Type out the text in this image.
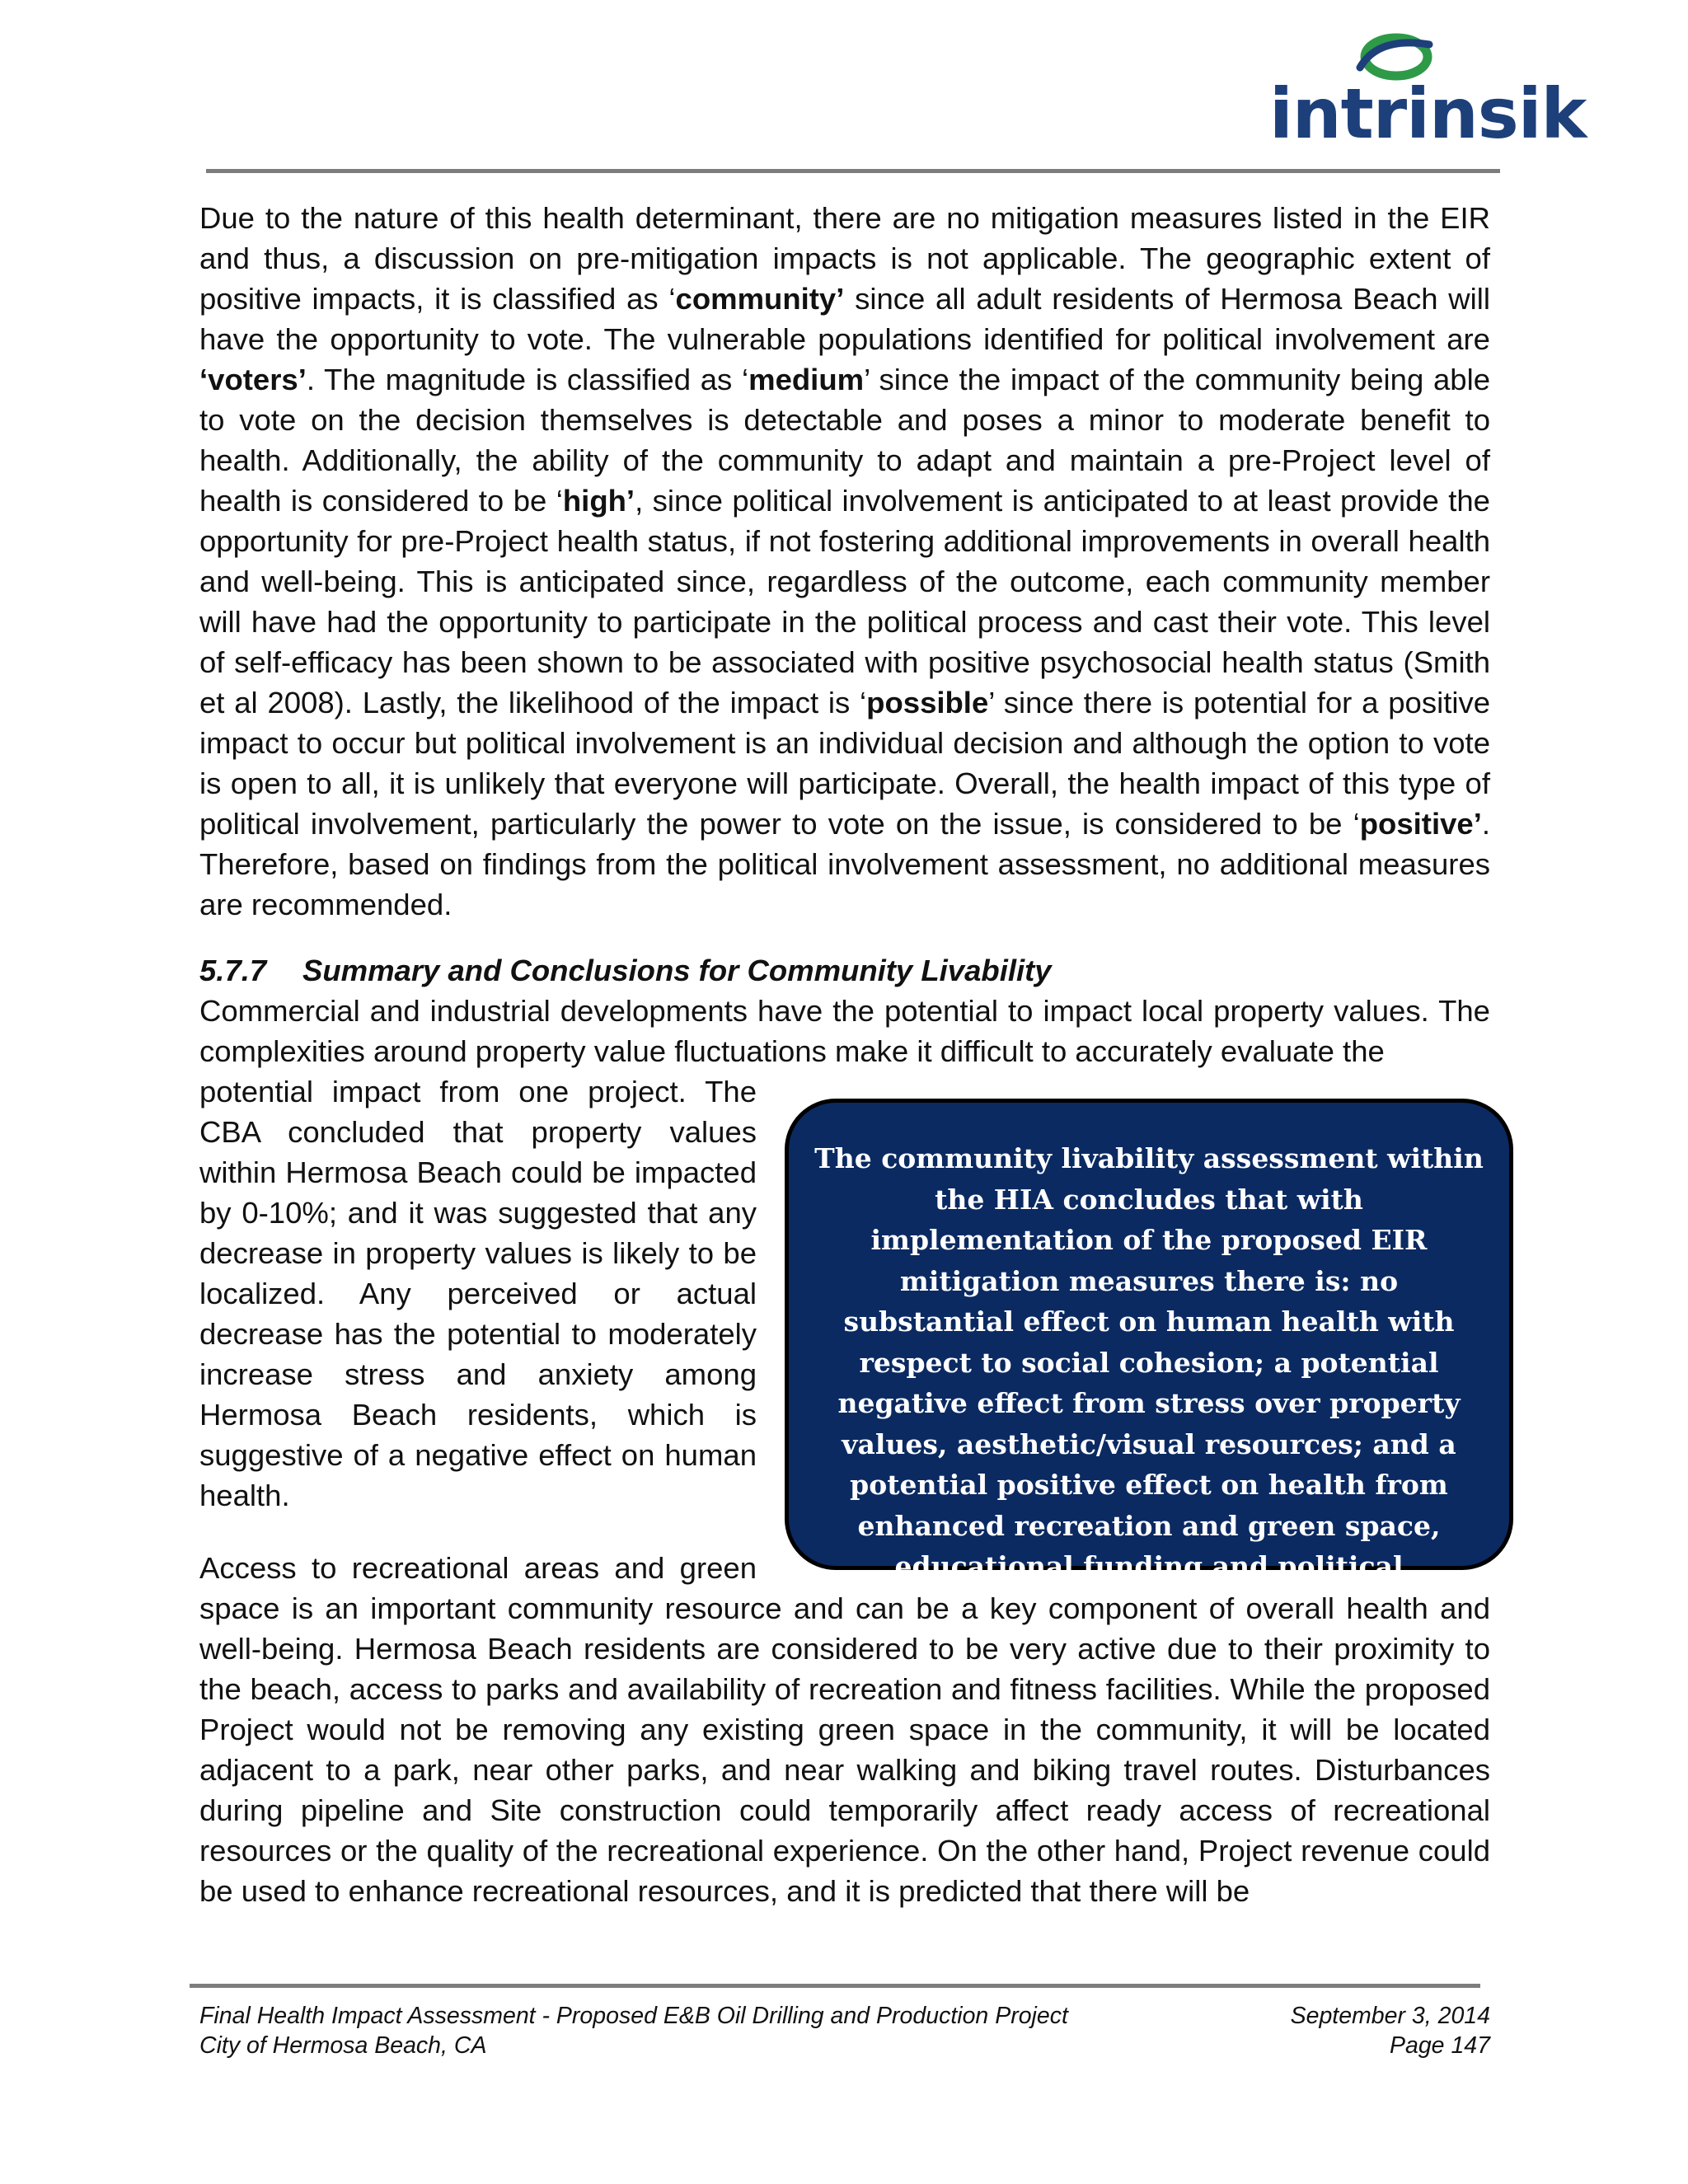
intrinsik

Due to the nature of this health determinant, there are no mitigation measures listed in the EIR and thus, a discussion on pre-mitigation impacts is not applicable. The geographic extent of positive impacts, it is classified as ‘community’ since all adult residents of Hermosa Beach will have the opportunity to vote. The vulnerable populations identified for political involvement are ‘voters’. The magnitude is classified as ‘medium’ since the impact of the community being able to vote on the decision themselves is detectable and poses a minor to moderate benefit to health. Additionally, the ability of the community to adapt and maintain a pre-Project level of health is considered to be ‘high’, since political involvement is anticipated to at least provide the opportunity for pre-Project health status, if not fostering additional improvements in overall health and well-being. This is anticipated since, regardless of the outcome, each community member will have had the opportunity to participate in the political process and cast their vote. This level of self-efficacy has been shown to be associated with positive psychosocial health status (Smith et al 2008). Lastly, the likelihood of the impact is ‘possible’ since there is potential for a positive impact to occur but political involvement is an individual decision and although the option to vote is open to all, it is unlikely that everyone will participate. Overall, the health impact of this type of political involvement, particularly the power to vote on the issue, is considered to be ‘positive’. Therefore, based on findings from the political involvement assessment, no additional measures are recommended.

5.7.7 Summary and Conclusions for Community Livability

Commercial and industrial developments have the potential to impact local property values. The complexities around property value fluctuations make it difficult to accurately evaluate the

potential impact from one project. The CBA concluded that property values within Hermosa Beach could be impacted by 0-10%; and it was suggested that any decrease in property values is likely to be localized. Any perceived or actual decrease has the potential to moderately increase stress and anxiety among Hermosa Beach residents, which is suggestive of a negative effect on human health.

Access to recreational areas and green

space is an important community resource and can be a key component of overall health and well-being. Hermosa Beach residents are considered to be very active due to their proximity to the beach, access to parks and availability of recreation and fitness facilities. While the proposed Project would not be removing any existing green space in the community, it will be located adjacent to a park, near other parks, and near walking and biking travel routes. Disturbances during pipeline and Site construction could temporarily affect ready access of recreational resources or the quality of the recreational experience. On the other hand, Project revenue could be used to enhance recreational resources, and it is predicted that there will be

The community livability assessment within the HIA concludes that with implementation of the proposed EIR mitigation measures there is: no substantial effect on human health with respect to social cohesion; a potential negative effect from stress over property values, aesthetic/visual resources; and a potential positive effect on health from enhanced recreation and green space, educational funding and political
Final Health Impact Assessment - Proposed E&B Oil Drilling and Production Project
City of Hermosa Beach, CA
September 3, 2014
Page 147
